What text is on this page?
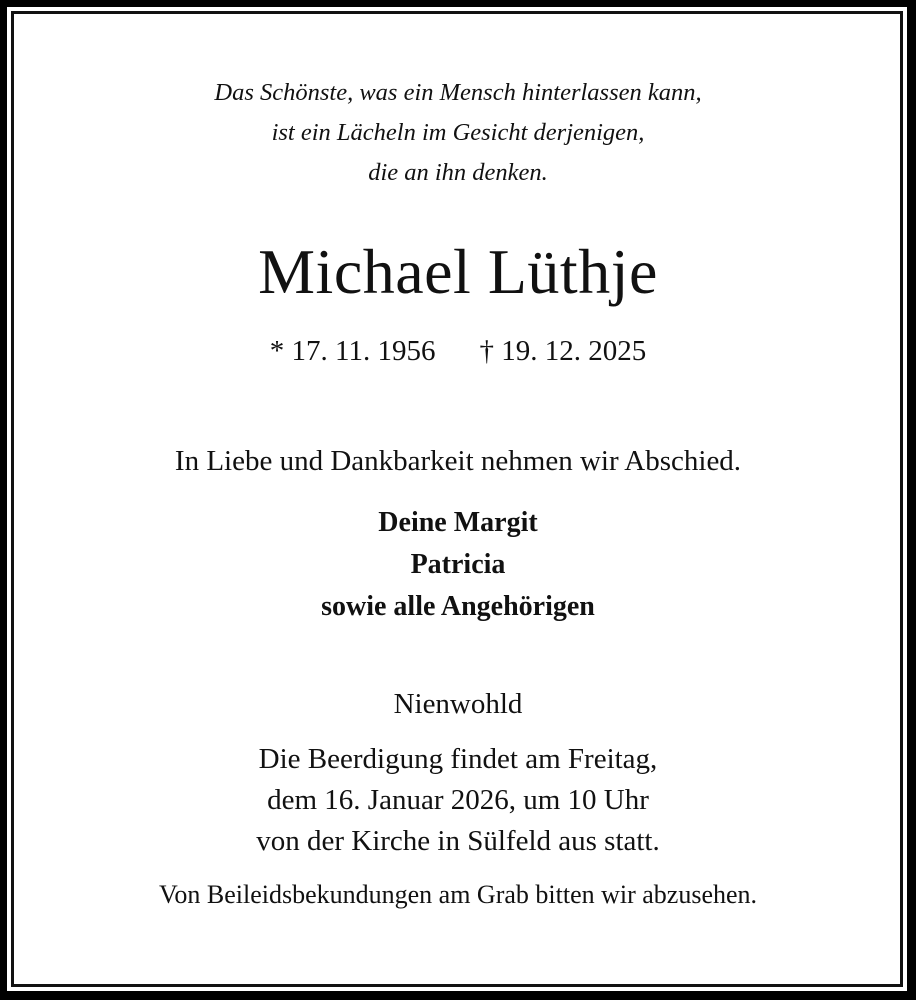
Das Schönste, was ein Mensch hinterlassen kann,
ist ein Lächeln im Gesicht derjenigen,
die an ihn denken.
Michael Lüthje
* 17. 11. 1956 † 19. 12. 2025
In Liebe und Dankbarkeit nehmen wir Abschied.
Deine Margit
Patricia
sowie alle Angehörigen
Nienwohld
Die Beerdigung findet am Freitag,
dem 16. Januar 2026, um 10 Uhr
von der Kirche in Sülfeld aus statt.
Von Beileidsbekundungen am Grab bitten wir abzusehen.
